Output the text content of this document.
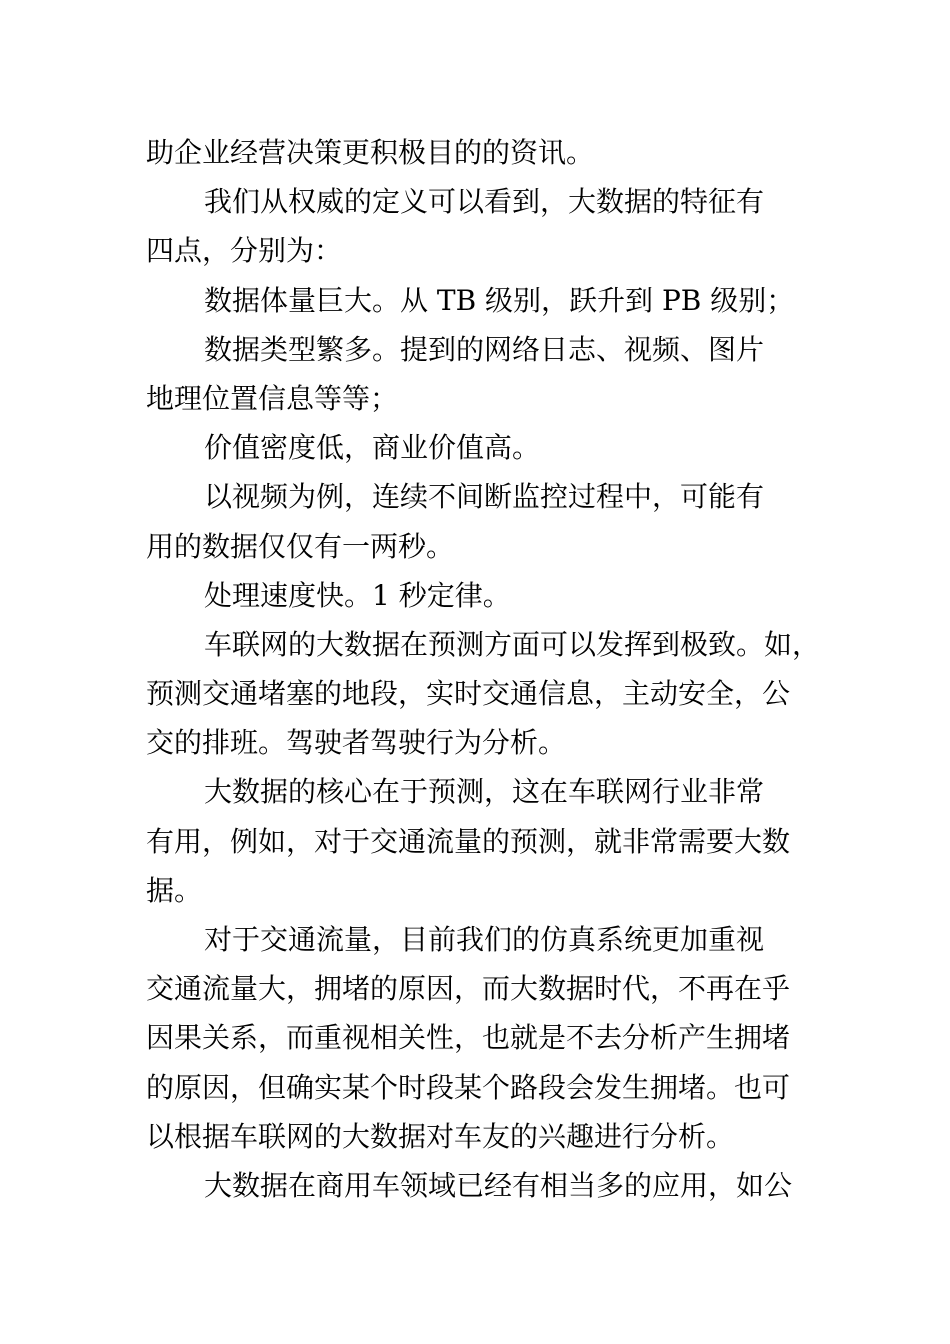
助企业经营决策更积极目的的资讯。
我们从权威的定义可以看到，大数据的特征有
四点，分别为：
数据体量巨大。从 TB 级别，跃升到 PB 级别；
数据类型繁多。提到的网络日志、视频、图片
地理位置信息等等；
价值密度低，商业价值高。
以视频为例，连续不间断监控过程中，可能有
用的数据仅仅有一两秒。
处理速度快。1 秒定律。
车联网的大数据在预测方面可以发挥到极致。如，
预测交通堵塞的地段，实时交通信息，主动安全，公
交的排班。驾驶者驾驶行为分析。
大数据的核心在于预测，这在车联网行业非常
有用，例如，对于交通流量的预测，就非常需要大数
据。
对于交通流量，目前我们的仿真系统更加重视
交通流量大，拥堵的原因，而大数据时代，不再在乎
因果关系，而重视相关性，也就是不去分析产生拥堵
的原因，但确实某个时段某个路段会发生拥堵。也可
以根据车联网的大数据对车友的兴趣进行分析。
大数据在商用车领域已经有相当多的应用，如公
